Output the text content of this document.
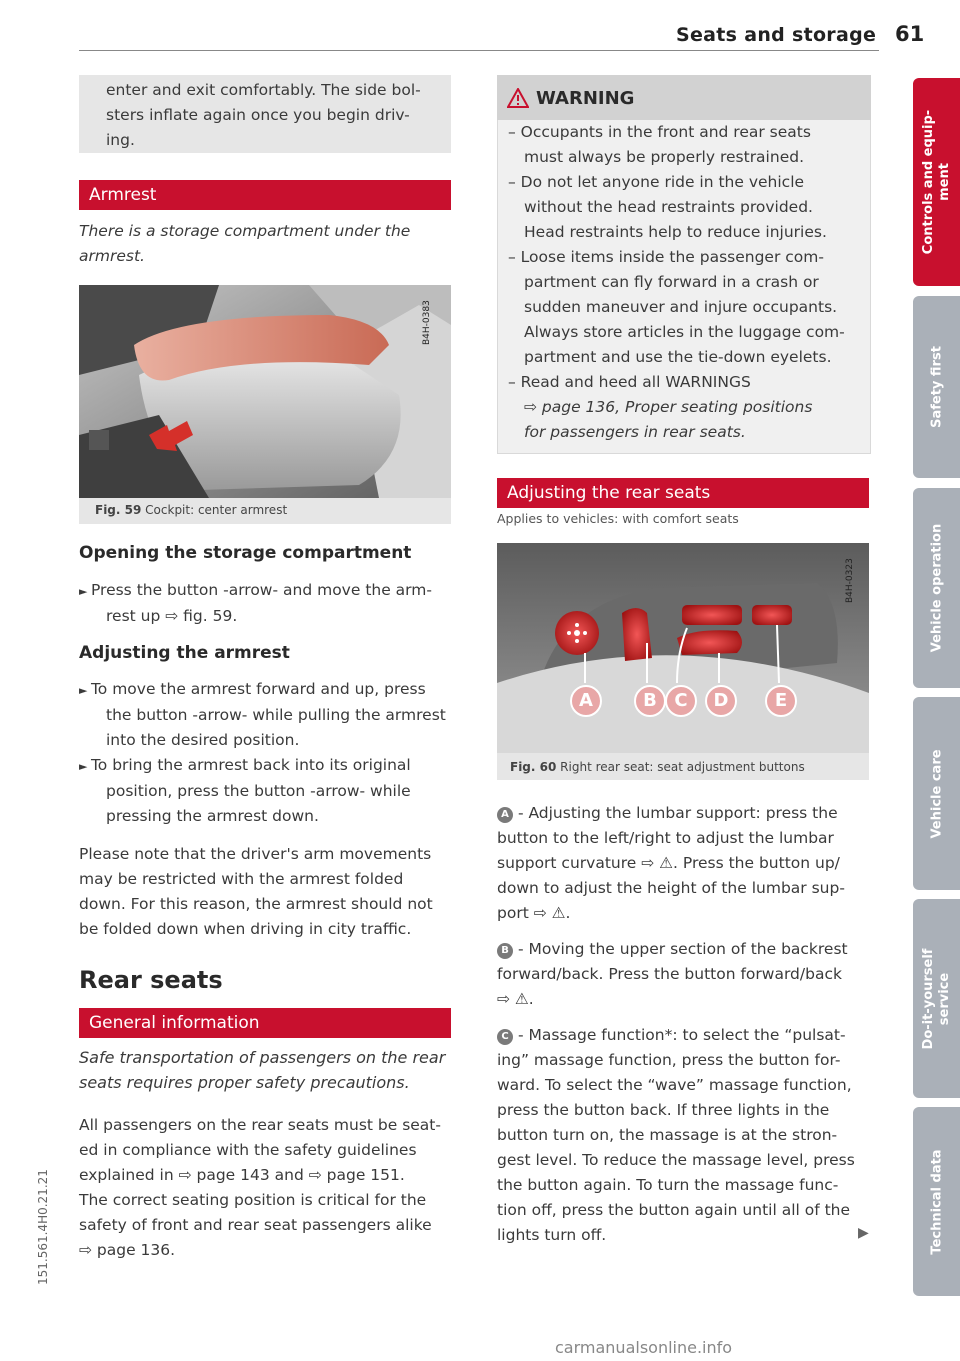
Seats and storage 61
151.561.4H0.21.21
enter and exit comfortably. The side bol-
sters inflate again once you begin driv-
ing.
Armrest
There is a storage compartment under the
armrest.
B4H-0383
Fig. 59 Cockpit: center armrest
Opening the storage compartment
► Press the button -arrow- and move the arm-
rest up ⇨ fig. 59.
Adjusting the armrest
► To move the armrest forward and up, press
the button -arrow- while pulling the armrest
into the desired position.
► To bring the armrest back into its original
position, press the button -arrow- while
pressing the armrest down.
Please note that the driver's arm movements
may be restricted with the armrest folded
down. For this reason, the armrest should not
be folded down when driving in city traffic.
Rear seats
General information
Safe transportation of passengers on the rear
seats requires proper safety precautions.
All passengers on the rear seats must be seat-
ed in compliance with the safety guidelines
explained in ⇨ page 143 and ⇨ page 151.
The correct seating position is critical for the
safety of front and rear seat passengers alike
⇨ page 136.
WARNING
– Occupants in the front and rear seats
must always be properly restrained.
– Do not let anyone ride in the vehicle
without the head restraints provided.
Head restraints help to reduce injuries.
– Loose items inside the passenger com-
partment can fly forward in a crash or
sudden maneuver and injure occupants.
Always store articles in the luggage com-
partment and use the tie-down eyelets.
– Read and heed all WARNINGS
⇨ page 136, Proper seating positions
for passengers in rear seats.
Adjusting the rear seats
Applies to vehicles: with comfort seats
B4H-0323
A	B C	D	E
Fig. 60 Right rear seat: seat adjustment buttons
A - Adjusting the lumbar support: press the
button to the left/right to adjust the lumbar
support curvature ⇨ ⚠. Press the button up/
down to adjust the height of the lumbar sup-
port ⇨ ⚠.
B - Moving the upper section of the backrest
forward/back. Press the button forward/back
⇨ ⚠.
C - Massage function*: to select the “pulsat-
ing” massage function, press the button for-
ward. To select the “wave” massage function,
press the button back. If three lights in the
button turn on, the massage is at the stron-
gest level. To reduce the massage level, press
the button again. To turn the massage func-
tion off, press the button again until all of the
lights turn off.	▶
Controls and equip-
ment
Safety first
Vehicle operation
Vehicle care
Do-it-yourself
service
Technical data
carmanualsonline.info
